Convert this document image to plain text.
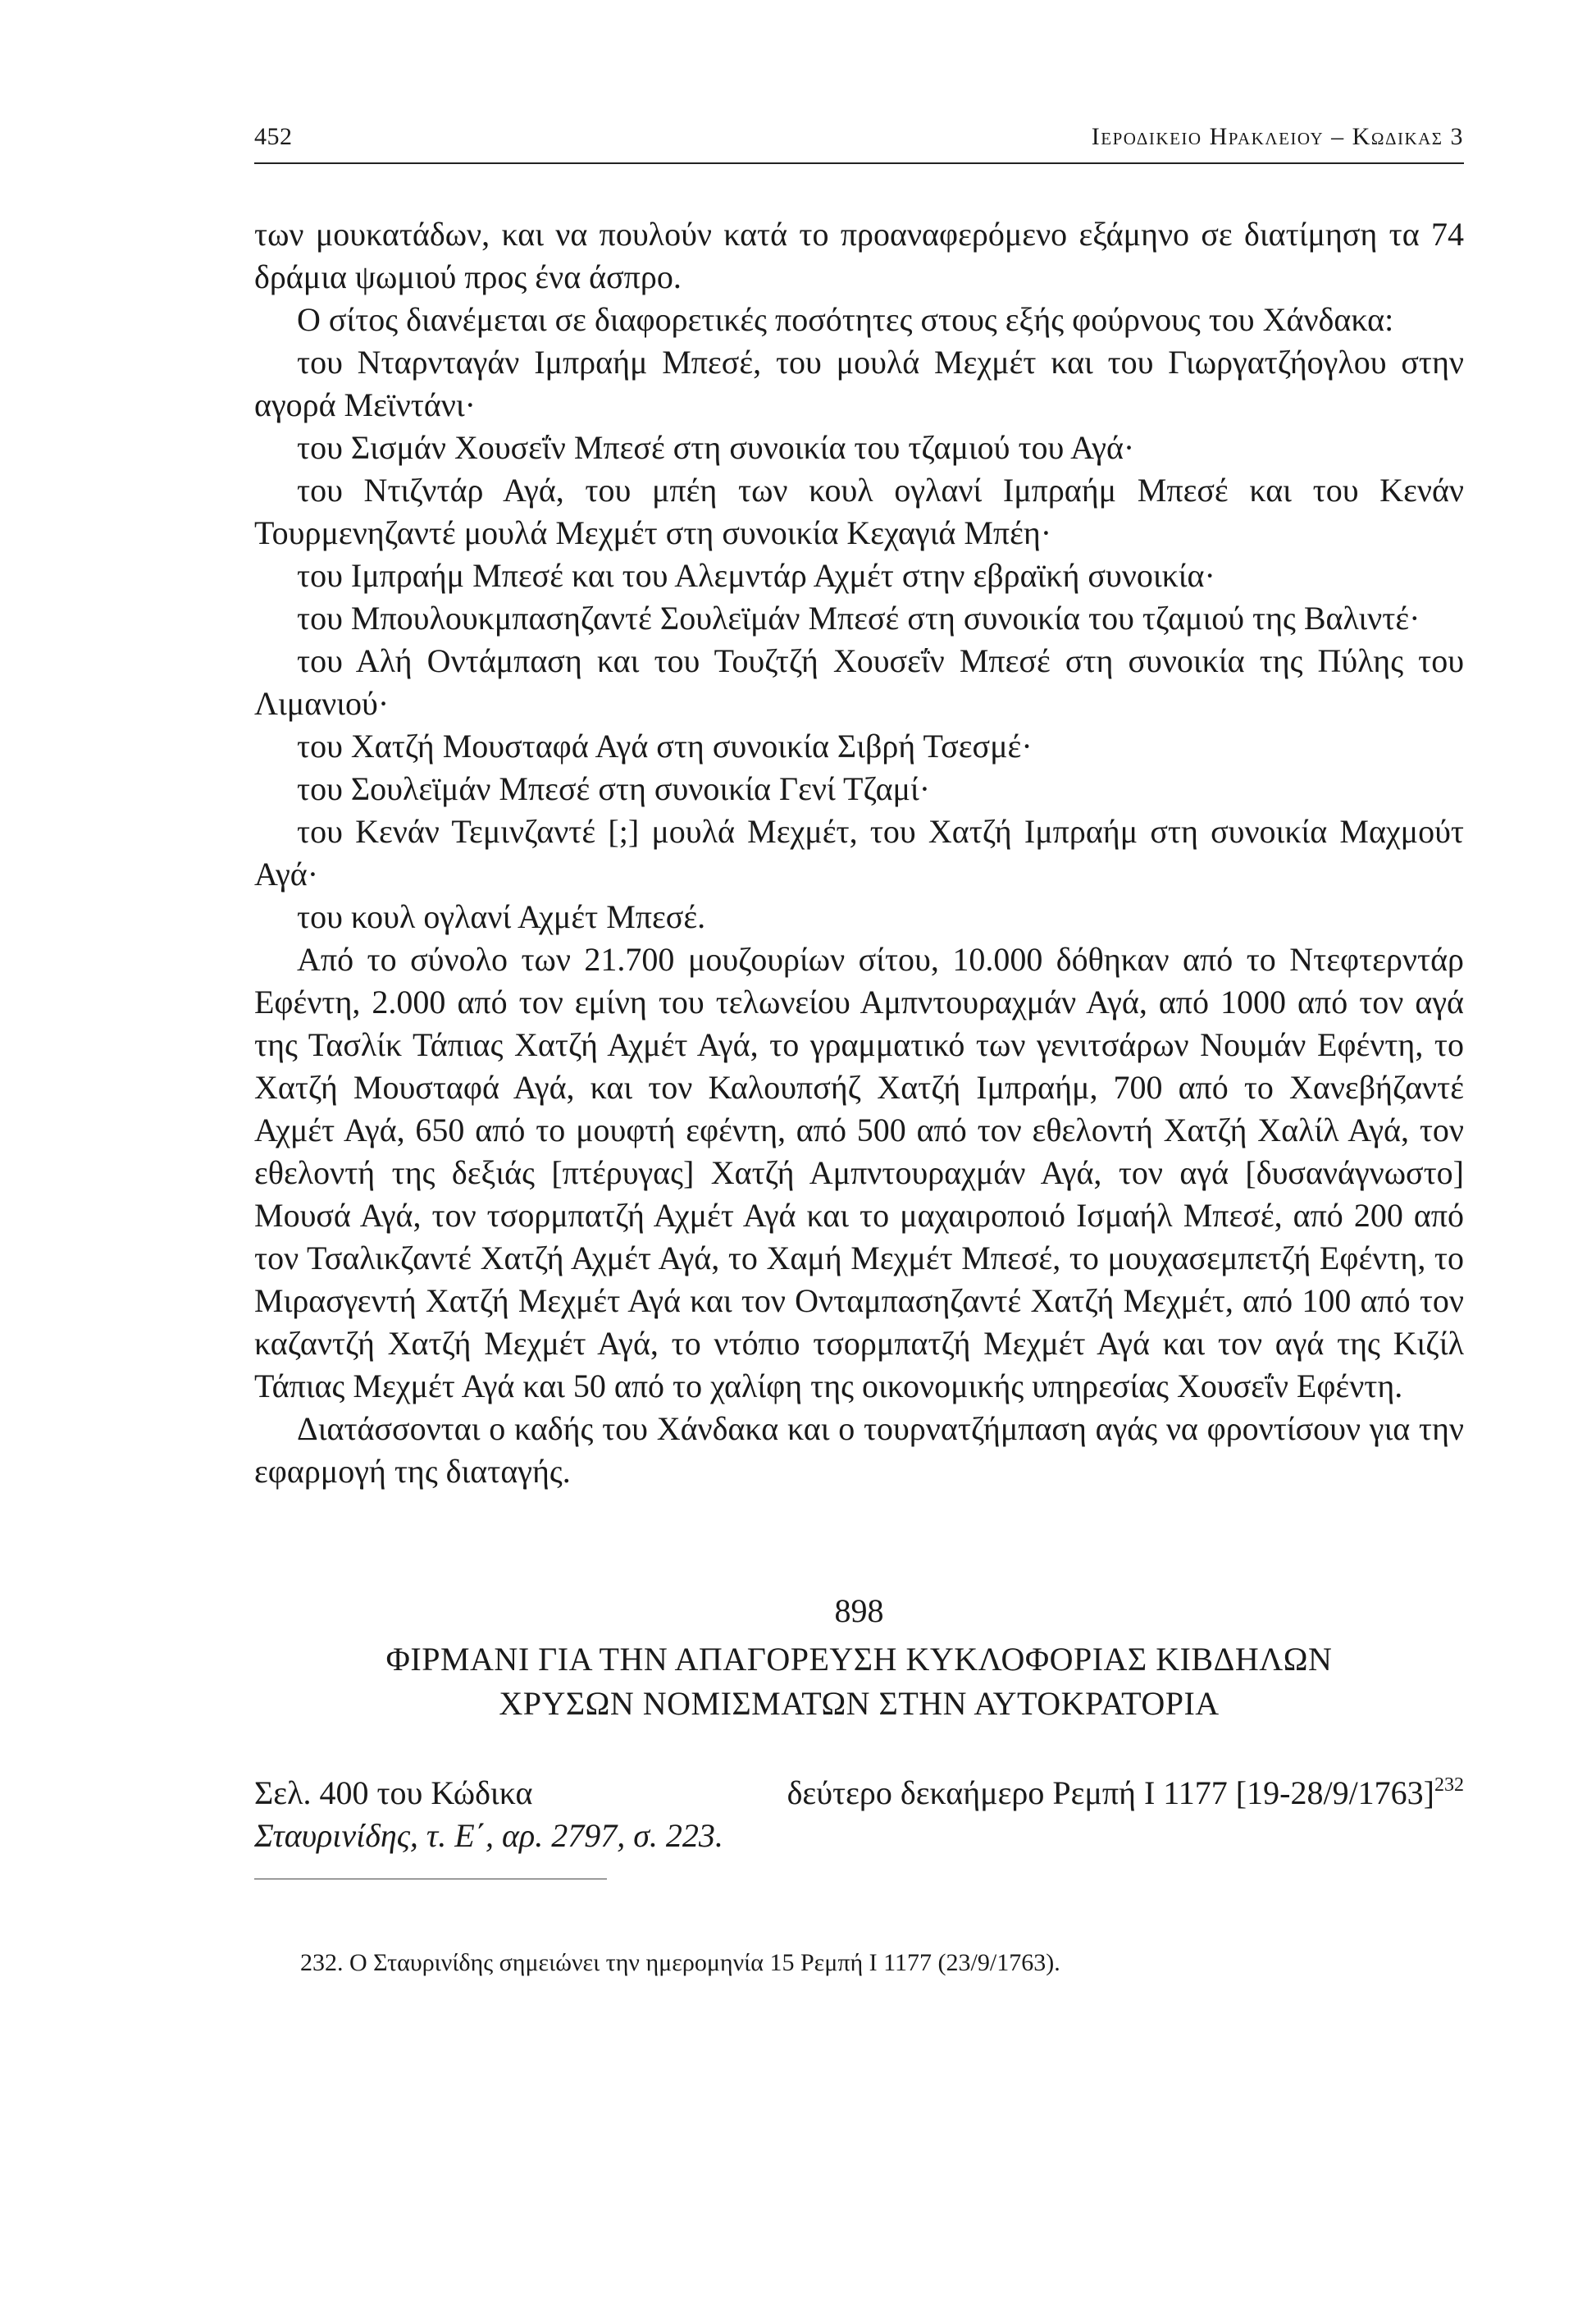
452	Ιεροδικειο Ηρακλειου – Κωδικας 3

των μουκατάδων, και να πουλούν κατά το προαναφερόμενο εξάμηνο σε διατίμηση τα 74 δράμια ψωμιού προς ένα άσπρο.

Ο σίτος διανέμεται σε διαφορετικές ποσότητες στους εξής φούρνους του Χάνδακα:

του Νταρνταγάν Ιμπραήμ Μπεσέ, του μουλά Μεχμέτ και του Γιωργατζήογλου στην αγορά Μεϊντάνι·

του Σισμάν Χουσεΐν Μπεσέ στη συνοικία του τζαμιού του Αγά·

του Ντιζντάρ Αγά, του μπέη των κουλ ογλανί Ιμπραήμ Μπεσέ και του Κενάν Τουρμενηζαντέ μουλά Μεχμέτ στη συνοικία Κεχαγιά Μπέη·

του Ιμπραήμ Μπεσέ και του Αλεμντάρ Αχμέτ στην εβραϊκή συνοικία·

του Μπουλουκμπασηζαντέ Σουλεϊμάν Μπεσέ στη συνοικία του τζαμιού της Βαλιντέ·

του Αλή Οντάμπαση και του Τουζτζή Χουσεΐν Μπεσέ στη συνοικία της Πύλης του Λιμανιού·

του Χατζή Μουσταφά Αγά στη συνοικία Σιβρή Τσεσμέ·

του Σουλεϊμάν Μπεσέ στη συνοικία Γενί Τζαμί·

του Κενάν Τεμινζαντέ [;] μουλά Μεχμέτ, του Χατζή Ιμπραήμ στη συνοικία Μαχμούτ Αγά·

του κουλ ογλανί Αχμέτ Μπεσέ.

Από το σύνολο των 21.700 μουζουρίων σίτου, 10.000 δόθηκαν από το Ντεφτερντάρ Εφέντη, 2.000 από τον εμίνη του τελωνείου Αμπντουραχμάν Αγά, από 1000 από τον αγά της Τασλίκ Τάπιας Χατζή Αχμέτ Αγά, το γραμματικό των γενιτσάρων Νουμάν Εφέντη, το Χατζή Μουσταφά Αγά, και τον Καλουπσήζ Χατζή Ιμπραήμ, 700 από το Χανεβήζαντέ Αχμέτ Αγά, 650 από το μουφτή εφέντη, από 500 από τον εθελοντή Χατζή Χαλίλ Αγά, τον εθελοντή της δεξιάς [πτέρυγας] Χατζή Αμπντουραχμάν Αγά, τον αγά [δυσανάγνωστο] Μουσά Αγά, τον τσορμπατζή Αχμέτ Αγά και το μαχαιροποιό Ισμαήλ Μπεσέ, από 200 από τον Τσαλικζαντέ Χατζή Αχμέτ Αγά, το Χαμή Μεχμέτ Μπεσέ, το μουχασεμπετζή Εφέντη, το Μιρασγεντή Χατζή Μεχμέτ Αγά και τον Ονταμπασηζαντέ Χατζή Μεχμέτ, από 100 από τον καζαντζή Χατζή Μεχμέτ Αγά, το ντόπιο τσορμπατζή Μεχμέτ Αγά και τον αγά της Κιζίλ Τάπιας Μεχμέτ Αγά και 50 από το χαλίφη της οικονομικής υπηρεσίας Χουσεΐν Εφέντη.

Διατάσσονται ο καδής του Χάνδακα και ο τουρνατζήμπαση αγάς να φροντίσουν για την εφαρμογή της διαταγής.

898
ΦΙΡΜΑΝΙ ΓΙΑ ΤΗΝ ΑΠΑΓΟΡΕΥΣΗ ΚΥΚΛΟΦΟΡΙΑΣ ΚΙΒΔΗΛΩΝ
ΧΡΥΣΩΝ ΝΟΜΙΣΜΑΤΩΝ ΣΤΗΝ ΑΥΤΟΚΡΑΤΟΡΙΑ
Σελ. 400 του Κώδικα
Σταυρινίδης, τ. Ε΄, αρ. 2797, σ. 223.
δεύτερο δεκαήμερο Ρεμπή Ι 1177 $[19-28/9/1763]^{232}$
232. Ο Σταυρινίδης σημειώνει την ημερομηνία 15 Ρεμπή Ι 1177 (23/9/1763).
